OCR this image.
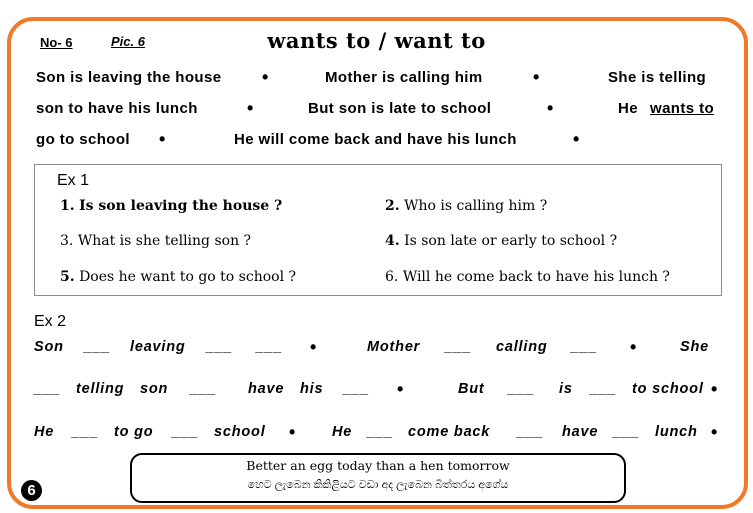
No- 6	Pic. 6	wants to / want to
Son is leaving the house •	Mother is calling him	•	She is telling
son to have his lunch	•	But son is late to school	•	He wants to
go to school •	He will come back and have his lunch	•
Ex 1
1. Is son leaving the house ?	2. Who is calling him ?
3. What is she telling son ?	4. Is son late or early to school ?
5. Does he want to go to school ?	6. Will he come back to have his lunch ?
Ex 2
Son ___ leaving ___ ___ •	Mother ___ calling ___ •	She
___ telling son ___ have his ___ •	But ___ is ___ to school •
He ___ to go ___ school •	He ___ come back ___ have ___ lunch •
Better an egg today than a hen tomorrow
හෙට ලැබෙන කිකිළියට වඩා අද ලැබෙන බිත්තරය අගේය
6
